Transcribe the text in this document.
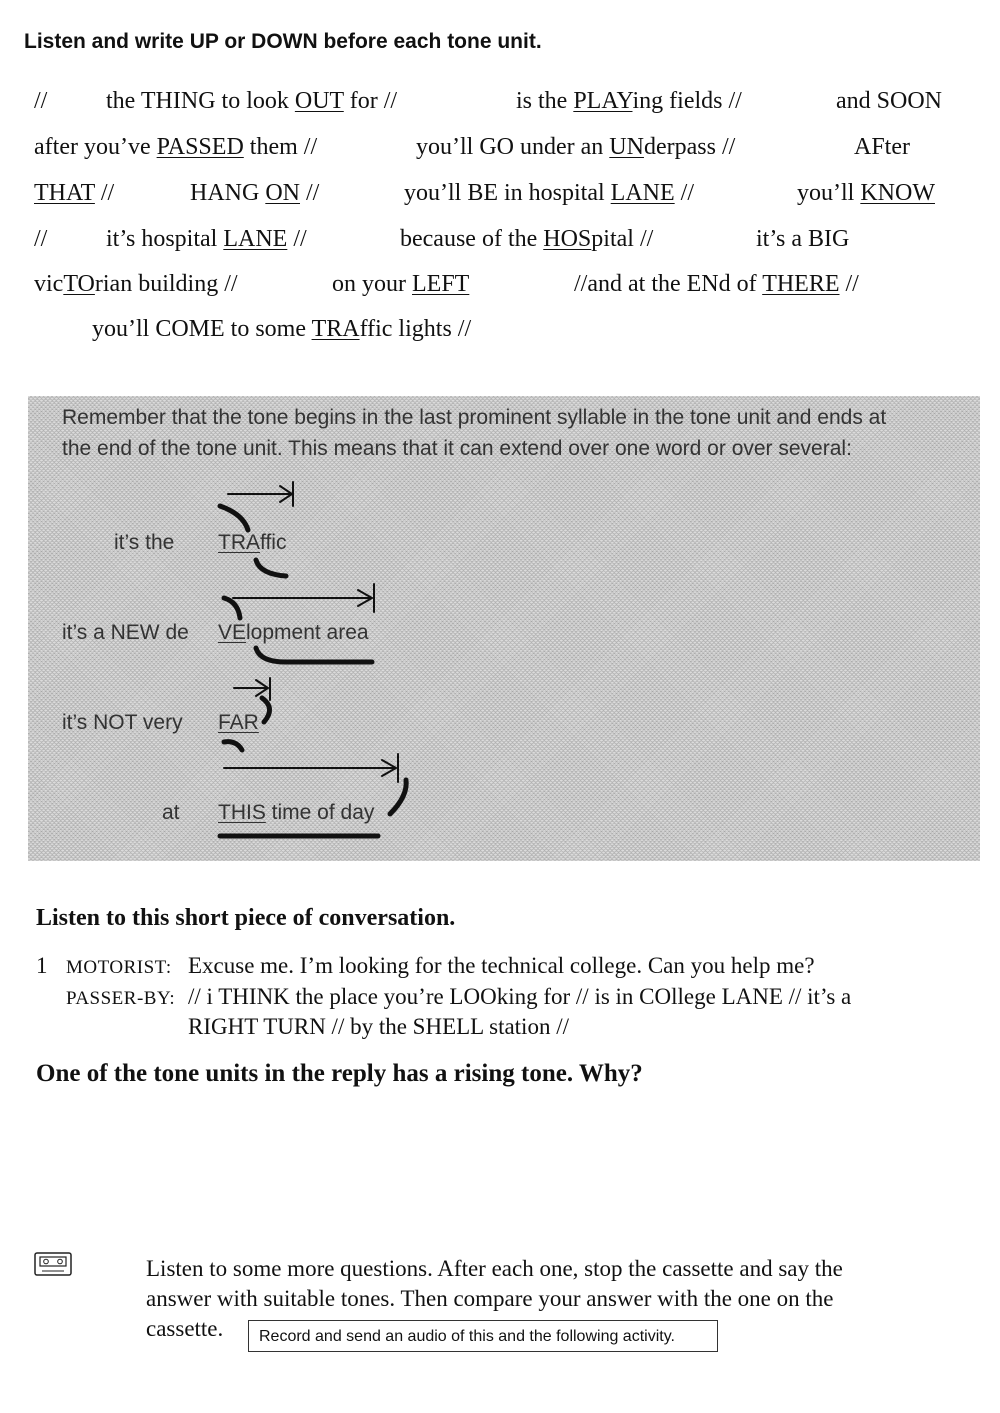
Listen and write UP or DOWN before each tone unit.
// the THING to look OUT for //	is the PLAYing fields //	and SOON
after you’ve PASSED them //	you’ll GO under an UNderpass //	AFter
THAT //	HANG ON //	you’ll BE in hospital LANE //	you’ll KNOW
// it’s hospital LANE //	because of the HOSpital //	it’s a BIG
vicTOrian building //	on your LEFT	//and at the ENd of THERE //
you’ll COME to some TRAffic lights //
Remember that the tone begins in the last prominent syllable in the tone unit and ends at
the end of the tone unit. This means that it can extend over one word or over several:
it’s the TRAffic
it’s a NEW de VElopment area
it’s NOT very FAR
at THIS time of day
Listen to this short piece of conversation.
1 MOTORIST: Excuse me. I’m looking for the technical college. Can you help me?
PASSER-BY: // i THINK the place you’re LOOking for // is in COllege LANE // it’s a
RIGHT TURN // by the SHELL station //
One of the tone units in the reply has a rising tone. Why?
Listen to some more questions. After each one, stop the cassette and say the
answer with suitable tones. Then compare your answer with the one on the
cassette.	Record and send an audio of this and the following activity.
